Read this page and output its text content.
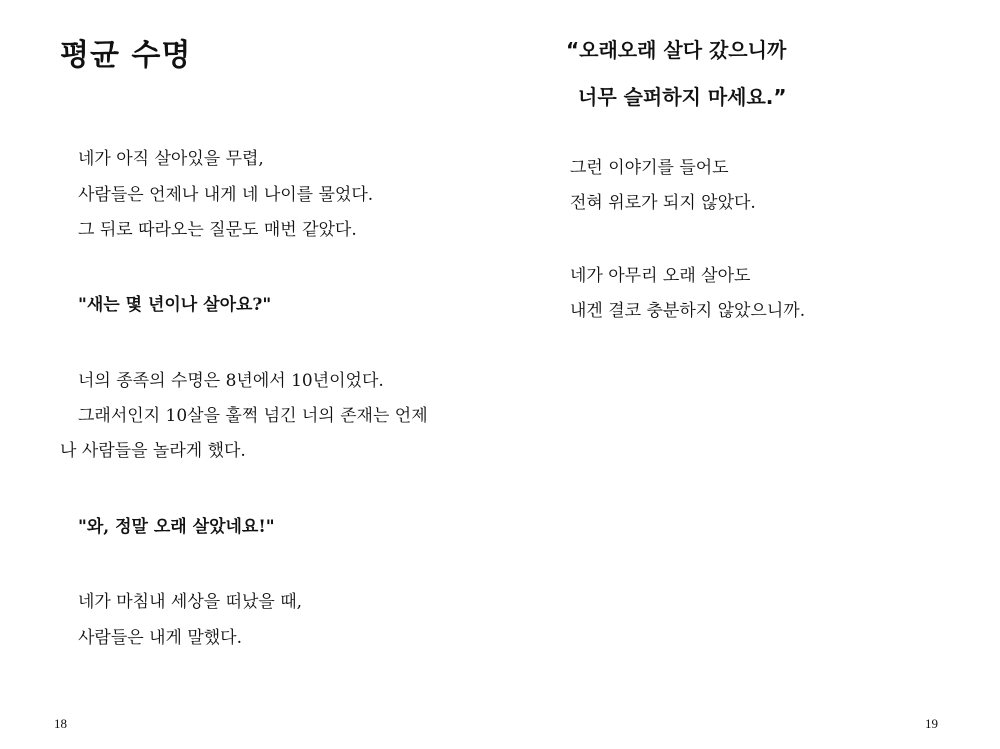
평균 수명

네가 아직 살아있을 무렵,

사람들은 언제나 내게 네 나이를 물었다.

그 뒤로 따라오는 질문도 매번 같았다.

"새는 몇 년이나 살아요?"

너의 종족의 수명은 8년에서 10년이었다.

그래서인지 10살을 훌쩍 넘긴 너의 존재는 언제

나 사람들을 놀라게 했다.

"와, 정말 오래 살았네요!"

네가 마침내 세상을 떠났을 때,

사람들은 내게 말했다.

18

“오래오래 살다 갔으니까

너무 슬퍼하지 마세요.”

그런 이야기를 들어도

전혀 위로가 되지 않았다.

네가 아무리 오래 살아도

내겐 결코 충분하지 않았으니까.

19
